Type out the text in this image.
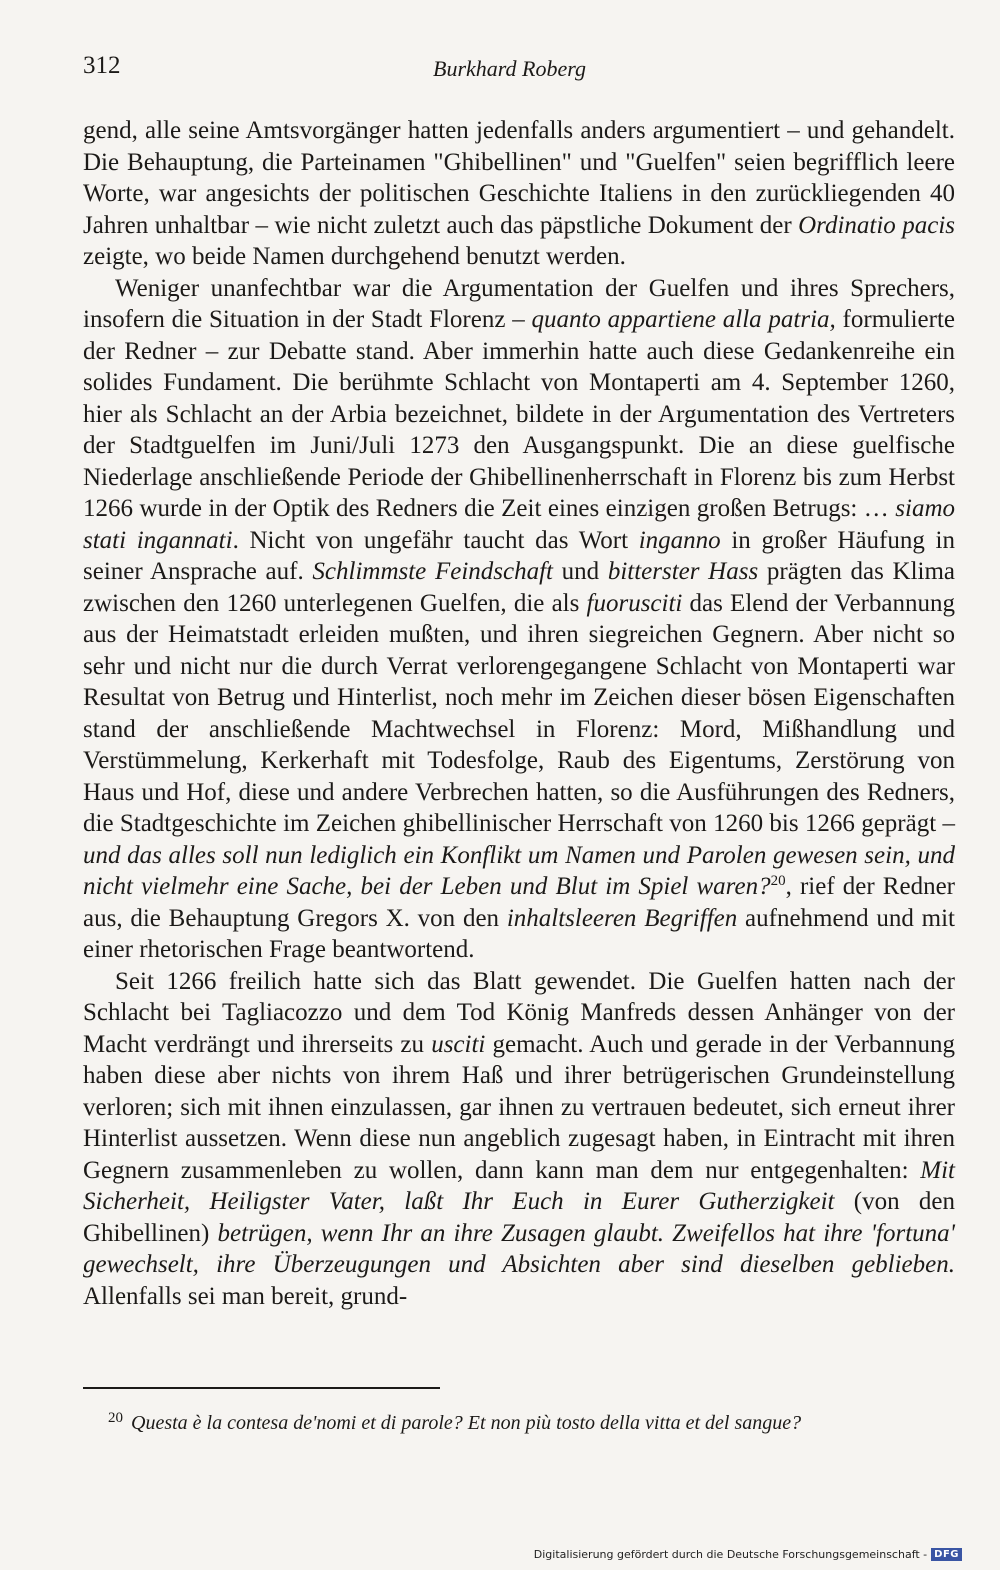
312	Burkhard Roberg

gend, alle seine Amtsvorgänger hatten jedenfalls anders argumentiert – und gehandelt. Die Behauptung, die Parteinamen "Ghibellinen" und "Guelfen" seien begrifflich leere Worte, war angesichts der politischen Geschichte Italiens in den zurückliegenden 40 Jahren unhaltbar – wie nicht zuletzt auch das päpstliche Dokument der Ordinatio pacis zeigte, wo beide Namen durchgehend benutzt werden.

Weniger unanfechtbar war die Argumentation der Guelfen und ihres Sprechers, insofern die Situation in der Stadt Florenz – quanto appartiene alla patria, formulierte der Redner – zur Debatte stand. Aber immerhin hatte auch diese Gedankenreihe ein solides Fundament. Die berühmte Schlacht von Montaperti am 4. September 1260, hier als Schlacht an der Arbia bezeichnet, bildete in der Argumentation des Vertreters der Stadtguelfen im Juni/Juli 1273 den Ausgangspunkt. Die an diese guelfische Niederlage anschließende Periode der Ghibellinenherrschaft in Florenz bis zum Herbst 1266 wurde in der Optik des Redners die Zeit eines einzigen großen Betrugs: … siamo stati ingannati. Nicht von ungefähr taucht das Wort inganno in großer Häufung in seiner Ansprache auf. Schlimmste Feindschaft und bitterster Hass prägten das Klima zwischen den 1260 unterlegenen Guelfen, die als fuorusciti das Elend der Verbannung aus der Heimatstadt erleiden mußten, und ihren siegreichen Gegnern. Aber nicht so sehr und nicht nur die durch Verrat verlorengegangene Schlacht von Montaperti war Resultat von Betrug und Hinterlist, noch mehr im Zeichen dieser bösen Eigenschaften stand der anschließende Machtwechsel in Florenz: Mord, Mißhandlung und Verstümmelung, Kerkerhaft mit Todesfolge, Raub des Eigentums, Zerstörung von Haus und Hof, diese und andere Verbrechen hatten, so die Ausführungen des Redners, die Stadtgeschichte im Zeichen ghibellinischer Herrschaft von 1260 bis 1266 geprägt – und das alles soll nun lediglich ein Konflikt um Namen und Parolen gewesen sein, und nicht vielmehr eine Sache, bei der Leben und Blut im Spiel waren?$^{20}$, rief der Redner aus, die Behauptung Gregors X. von den inhaltsleeren Begriffen aufnehmend und mit einer rhetorischen Frage beantwortend.

Seit 1266 freilich hatte sich das Blatt gewendet. Die Guelfen hatten nach der Schlacht bei Tagliacozzo und dem Tod König Manfreds dessen Anhänger von der Macht verdrängt und ihrerseits zu usciti gemacht. Auch und gerade in der Verbannung haben diese aber nichts von ihrem Haß und ihrer betrügerischen Grundeinstellung verloren; sich mit ihnen einzulassen, gar ihnen zu vertrauen bedeutet, sich erneut ihrer Hinterlist aussetzen. Wenn diese nun angeblich zugesagt haben, in Eintracht mit ihren Gegnern zusammenleben zu wollen, dann kann man dem nur entgegenhalten: Mit Sicherheit, Heiligster Vater, laßt Ihr Euch in Eurer Gutherzigkeit (von den Ghibellinen) betrügen, wenn Ihr an ihre Zusagen glaubt. Zweifellos hat ihre 'fortuna' gewechselt, ihre Überzeugungen und Absichten aber sind dieselben geblieben. Allenfalls sei man bereit, grund-

$^{20}$ Questa è la contesa de'nomi et di parole? Et non più tosto della vitta et del sangue?
Digitalisierung gefördert durch die Deutsche Forschungsgemeinschaft - DFG
